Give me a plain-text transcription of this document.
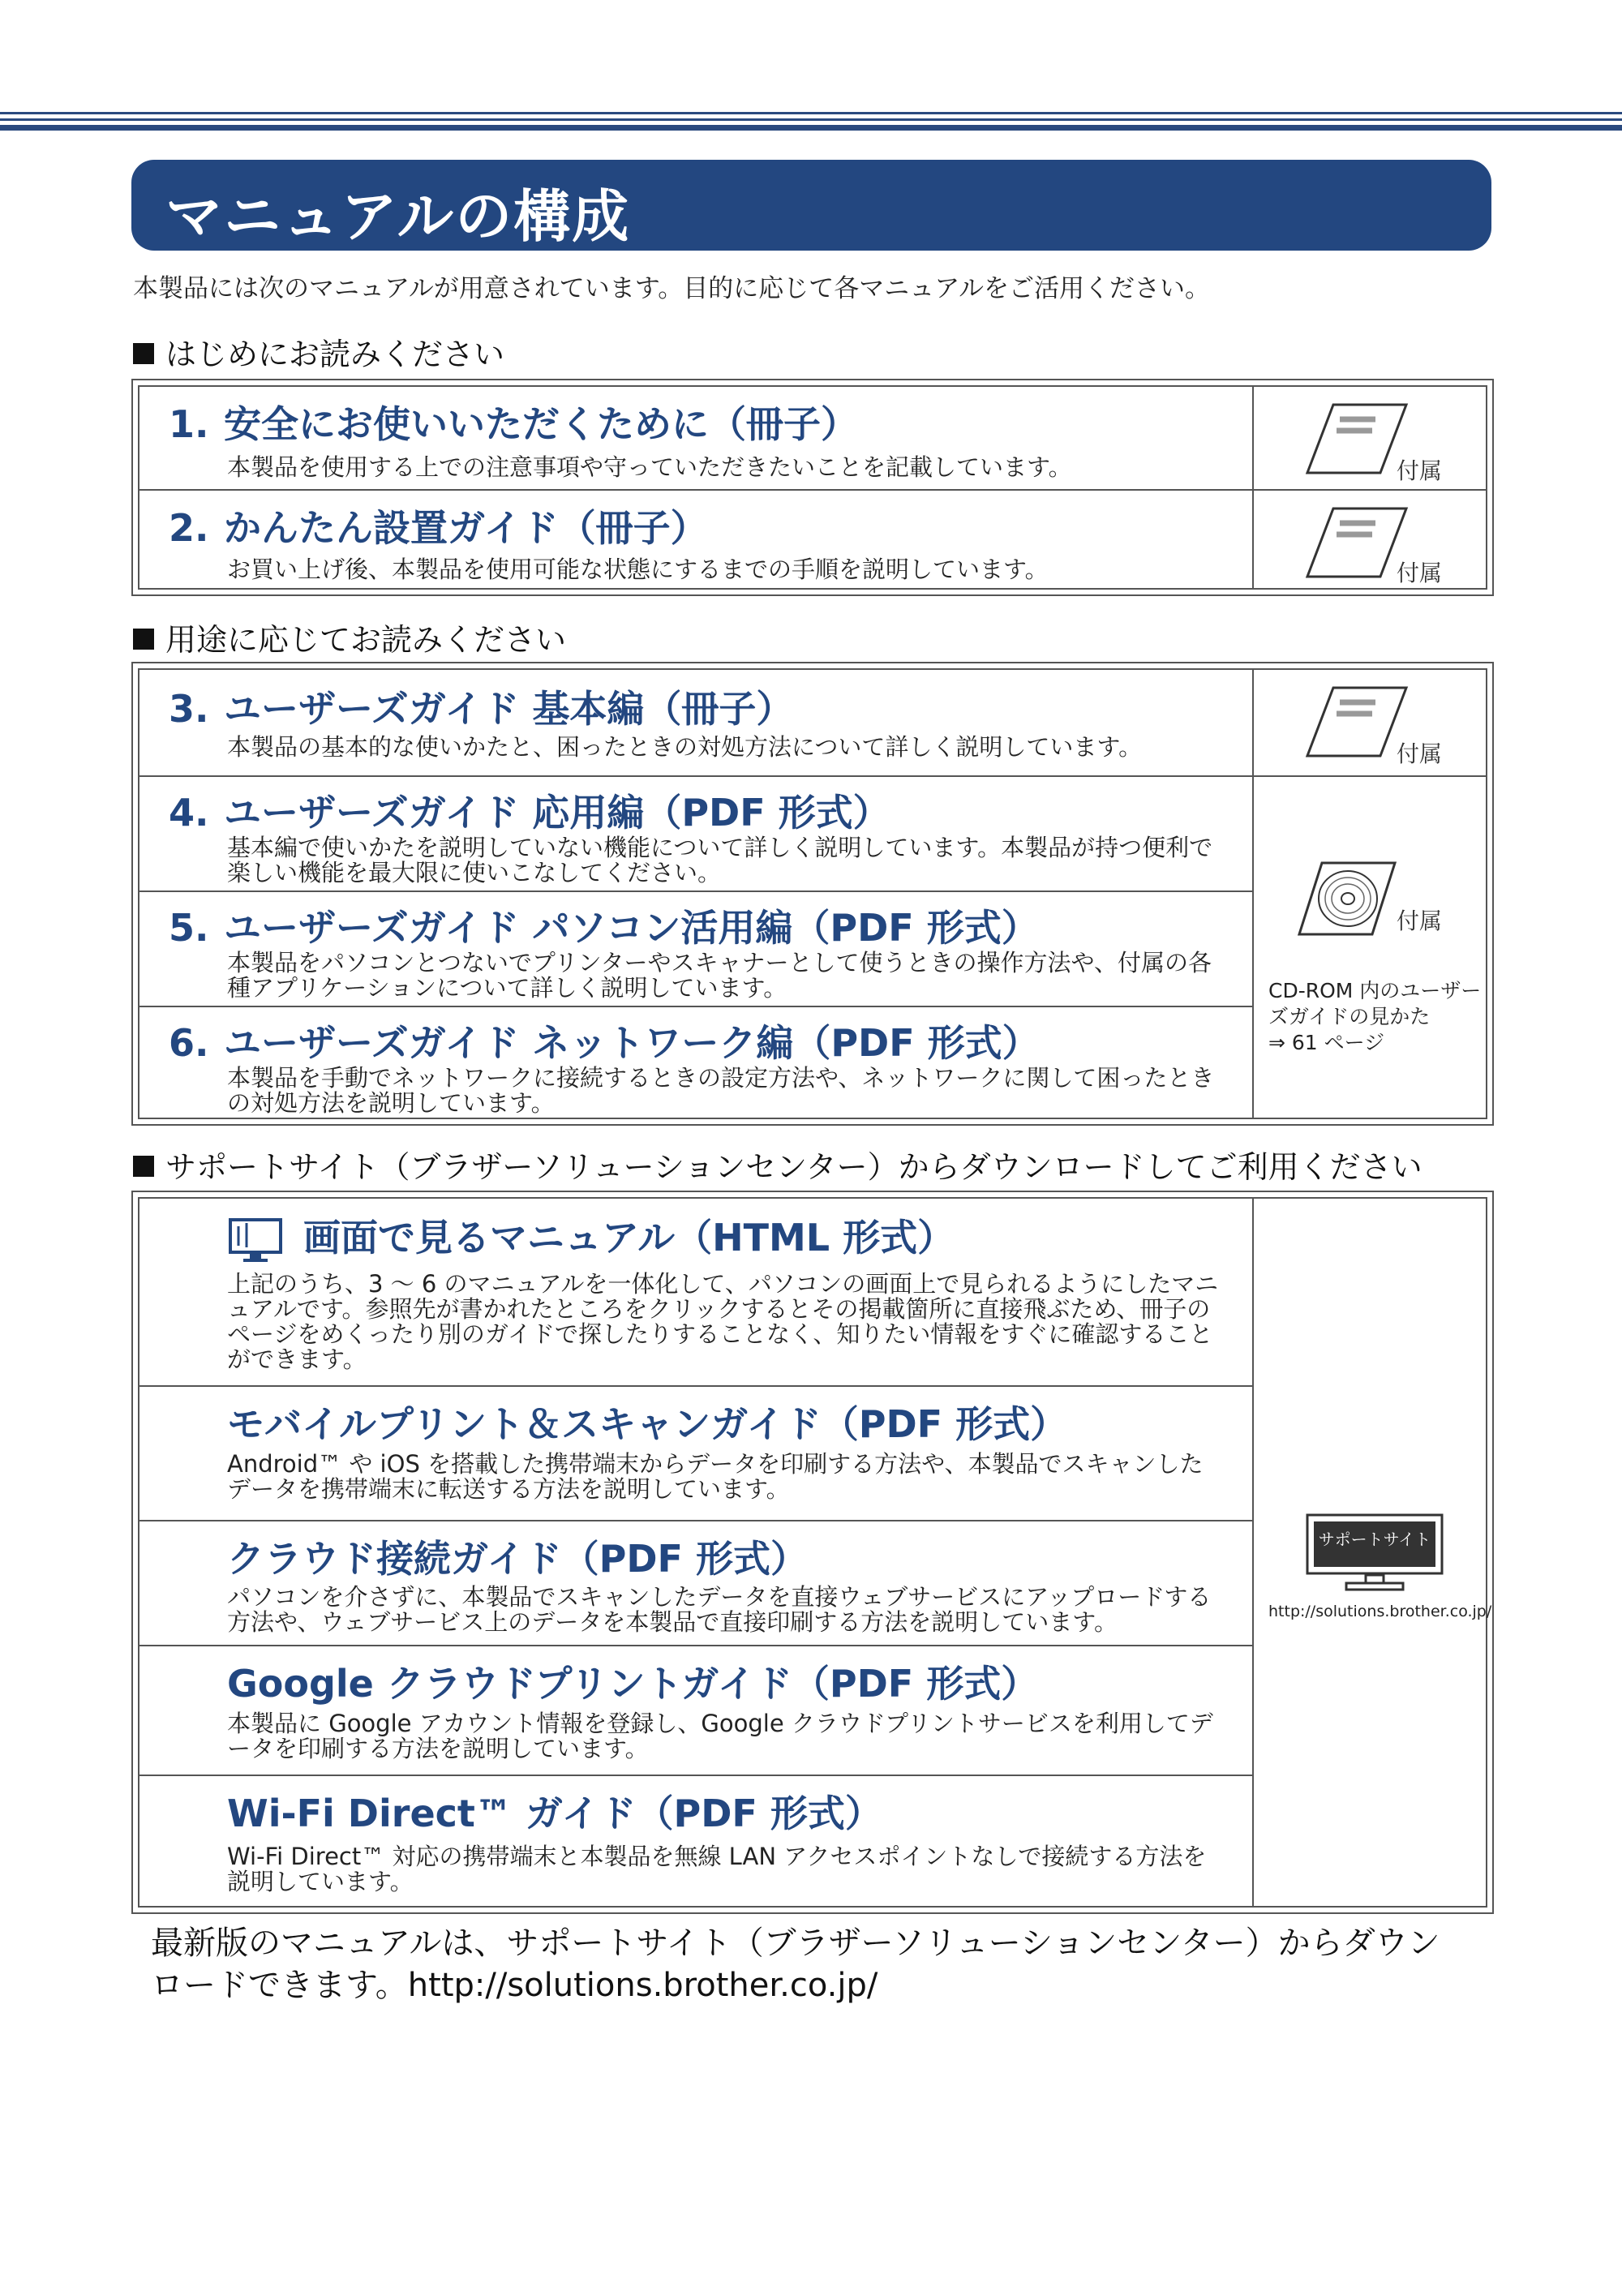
マニュアルの構成
本製品には次のマニュアルが用意されています。目的に応じて各マニュアルをご活用ください。
はじめにお読みください
1. 安全にお使いいただくために（冊子）
本製品を使用する上での注意事項や守っていただきたいことを記載しています。
2. かんたん設置ガイド（冊子）
お買い上げ後、本製品を使用可能な状態にするまでの手順を説明しています。
付属
付属
用途に応じてお読みください
3. ユーザーズガイド 基本編（冊子）
本製品の基本的な使いかたと、困ったときの対処方法について詳しく説明しています。
4. ユーザーズガイド 応用編（PDF 形式）
基本編で使いかたを説明していない機能について詳しく説明しています。本製品が持つ便利で楽しい機能を最大限に使いこなしてください。
5. ユーザーズガイド パソコン活用編（PDF 形式）
本製品をパソコンとつないでプリンターやスキャナーとして使うときの操作方法や、付属の各種アプリケーションについて詳しく説明しています。
6. ユーザーズガイド ネットワーク編（PDF 形式）
本製品を手動でネットワークに接続するときの設定方法や、ネットワークに関して困ったときの対処方法を説明しています。
付属
付属
CD-ROM 内のユーザー
ズガイドの見かた
⇒ 61 ページ
サポートサイト（ブラザーソリューションセンター）からダウンロードしてご利用ください
画面で見るマニュアル（HTML 形式）
上記のうち、3 ～ 6 のマニュアルを一体化して、パソコンの画面上で見られるようにしたマニュアルです。参照先が書かれたところをクリックするとその掲載箇所に直接飛ぶため、冊子のページをめくったり別のガイドで探したりすることなく、知りたい情報をすぐに確認することができます。
モバイルプリント＆スキャンガイド（PDF 形式）
Android™ や iOS を搭載した携帯端末からデータを印刷する方法や、本製品でスキャンしたデータを携帯端末に転送する方法を説明しています。
クラウド接続ガイド（PDF 形式）
パソコンを介さずに、本製品でスキャンしたデータを直接ウェブサービスにアップロードする方法や、ウェブサービス上のデータを本製品で直接印刷する方法を説明しています。
Google クラウドプリントガイド（PDF 形式）
本製品に Google アカウント情報を登録し、Google クラウドプリントサービスを利用してデータを印刷する方法を説明しています。
Wi-Fi Direct™ ガイド（PDF 形式）
Wi-Fi Direct™ 対応の携帯端末と本製品を無線 LAN アクセスポイントなしで接続する方法を説明しています。
サポートサイト
http://solutions.brother.co.jp/
最新版のマニュアルは、サポートサイト（ブラザーソリューションセンター）からダウン
ロードできます。http://solutions.brother.co.jp/
